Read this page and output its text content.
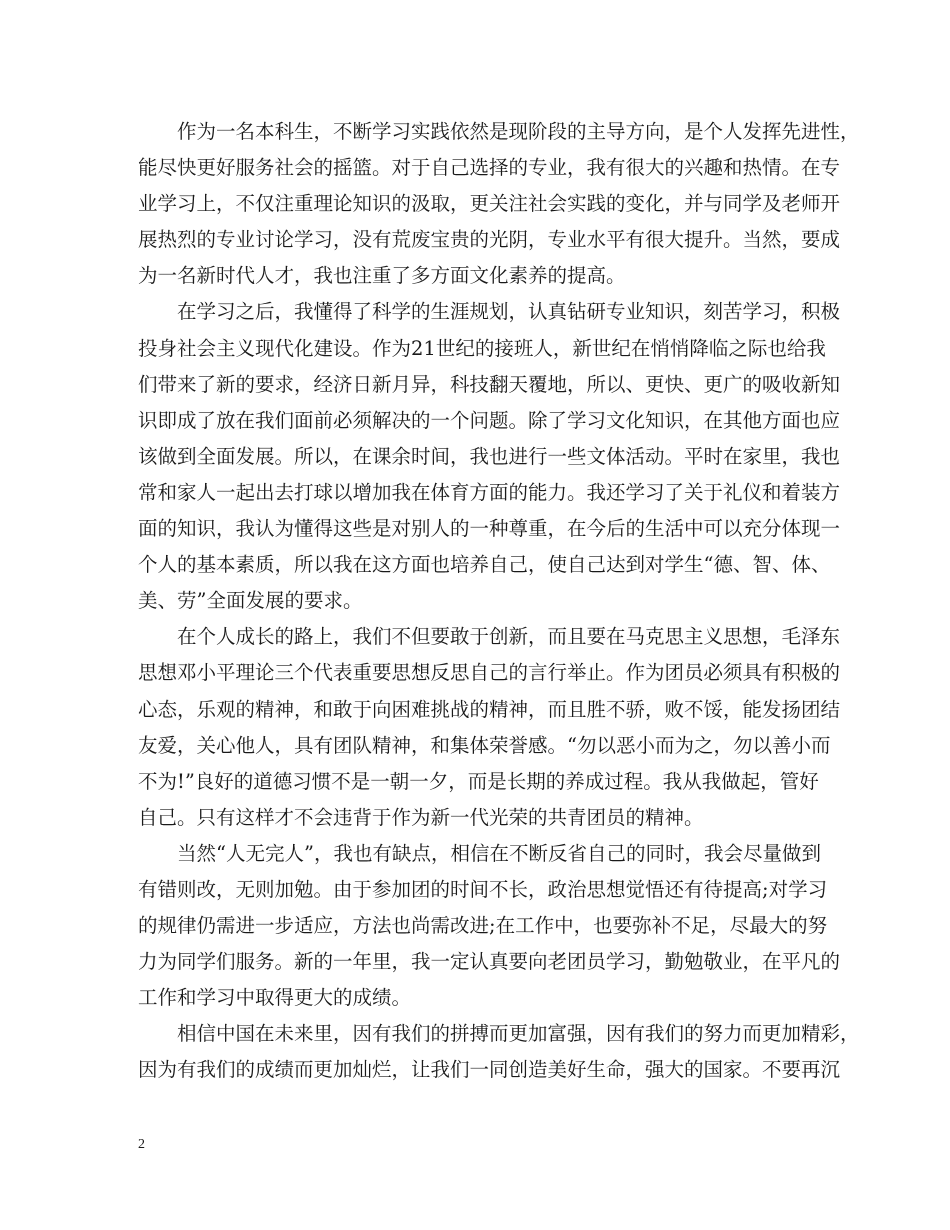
作为一名本科生，不断学习实践依然是现阶段的主导方向，是个人发挥先进性，
能尽快更好服务社会的摇篮。对于自己选择的专业，我有很大的兴趣和热情。在专
业学习上，不仅注重理论知识的汲取，更关注社会实践的变化，并与同学及老师开
展热烈的专业讨论学习，没有荒废宝贵的光阴，专业水平有很大提升。当然，要成
为一名新时代人才，我也注重了多方面文化素养的提高。
在学习之后，我懂得了科学的生涯规划，认真钻研专业知识，刻苦学习，积极
投身社会主义现代化建设。作为21世纪的接班人，新世纪在悄悄降临之际也给我
们带来了新的要求，经济日新月异，科技翻天覆地，所以、更快、更广的吸收新知
识即成了放在我们面前必须解决的一个问题。除了学习文化知识，在其他方面也应
该做到全面发展。所以，在课余时间，我也进行一些文体活动。平时在家里，我也
常和家人一起出去打球以增加我在体育方面的能力。我还学习了关于礼仪和着装方
面的知识，我认为懂得这些是对别人的一种尊重，在今后的生活中可以充分体现一
个人的基本素质，所以我在这方面也培养自己，使自己达到对学生“德、智、体、
美、劳”全面发展的要求。
在个人成长的路上，我们不但要敢于创新，而且要在马克思主义思想，毛泽东
思想邓小平理论三个代表重要思想反思自己的言行举止。作为团员必须具有积极的
心态，乐观的精神，和敢于向困难挑战的精神，而且胜不骄，败不馁，能发扬团结
友爱，关心他人，具有团队精神，和集体荣誉感。“勿以恶小而为之，勿以善小而
不为!”良好的道德习惯不是一朝一夕，而是长期的养成过程。我从我做起，管好
自己。只有这样才不会违背于作为新一代光荣的共青团员的精神。
当然“人无完人”，我也有缺点，相信在不断反省自己的同时，我会尽量做到
有错则改，无则加勉。由于参加团的时间不长，政治思想觉悟还有待提高;对学习
的规律仍需进一步适应，方法也尚需改进;在工作中，也要弥补不足，尽最大的努
力为同学们服务。新的一年里，我一定认真要向老团员学习，勤勉敬业，在平凡的
工作和学习中取得更大的成绩。
相信中国在未来里，因有我们的拼搏而更加富强，因有我们的努力而更加精彩，
因为有我们的成绩而更加灿烂，让我们一同创造美好生命，强大的国家。不要再沉
2
